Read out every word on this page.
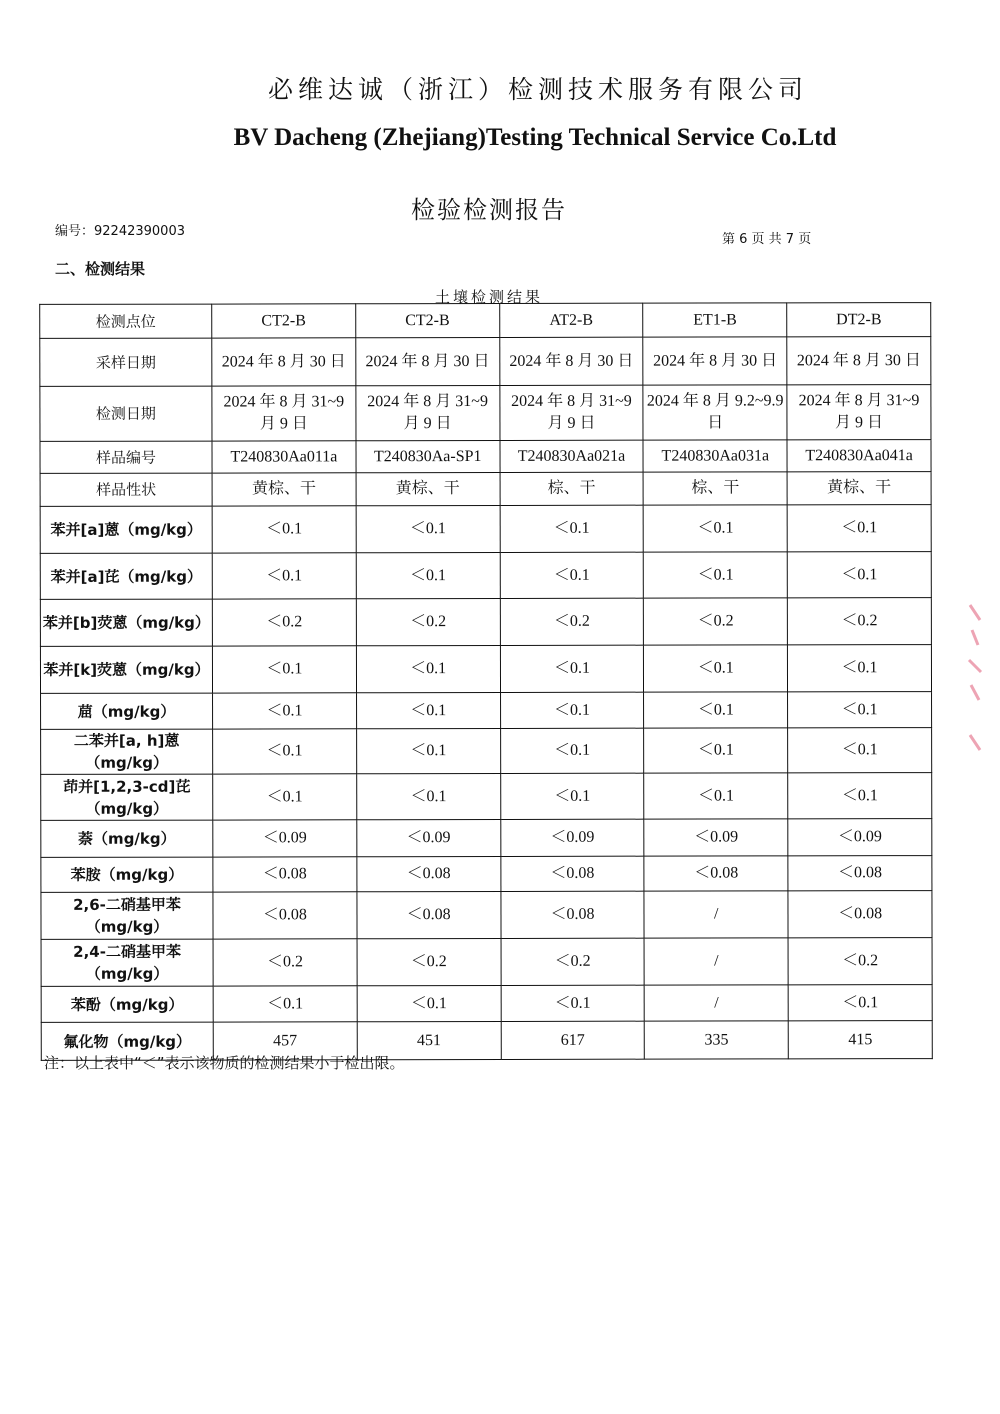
必维达诚（浙江）检测技术服务有限公司
BV Dacheng (Zhejiang)Testing Technical Service Co.Ltd
检验检测报告
编号：92242390003
第 6 页 共 7 页
二、检测结果
土壤检测结果
检测点位	CT2-B	CT2-B	AT2-B	ET1-B	DT2-B
采样日期	2024 年 8 月 30 日	2024 年 8 月 30 日	2024 年 8 月 30 日	2024 年 8 月 30 日	2024 年 8 月 30 日
检测日期	2024 年 8 月 31~9 月 9 日	2024 年 8 月 31~9 月 9 日	2024 年 8 月 31~9 月 9 日	2024 年 8 月 9.2~9.9 日	2024 年 8 月 31~9 月 9 日
样品编号	T240830Aa011a	T240830Aa-SP1	T240830Aa021a	T240830Aa031a	T240830Aa041a
样品性状	黄棕、干	黄棕、干	棕、干	棕、干	黄棕、干
苯并[a]蒽（mg/kg）	＜0.1	＜0.1	＜0.1	＜0.1	＜0.1
苯并[a]芘（mg/kg）	＜0.1	＜0.1	＜0.1	＜0.1	＜0.1
苯并[b]荧蒽（mg/kg）	＜0.2	＜0.2	＜0.2	＜0.2	＜0.2
苯并[k]荧蒽（mg/kg）	＜0.1	＜0.1	＜0.1	＜0.1	＜0.1
䓛（mg/kg）	＜0.1	＜0.1	＜0.1	＜0.1	＜0.1
二苯并[a, h]蒽（mg/kg）	＜0.1	＜0.1	＜0.1	＜0.1	＜0.1
茚并[1,2,3-cd]芘（mg/kg）	＜0.1	＜0.1	＜0.1	＜0.1	＜0.1
萘（mg/kg）	＜0.09	＜0.09	＜0.09	＜0.09	＜0.09
苯胺（mg/kg）	＜0.08	＜0.08	＜0.08	＜0.08	＜0.08
2,6-二硝基甲苯（mg/kg）	＜0.08	＜0.08	＜0.08	/	＜0.08
2,4-二硝基甲苯（mg/kg）	＜0.2	＜0.2	＜0.2	/	＜0.2
苯酚（mg/kg）	＜0.1	＜0.1	＜0.1	/	＜0.1
氟化物（mg/kg）	457	451	617	335	415
注：以上表中“＜”表示该物质的检测结果小于检出限。
